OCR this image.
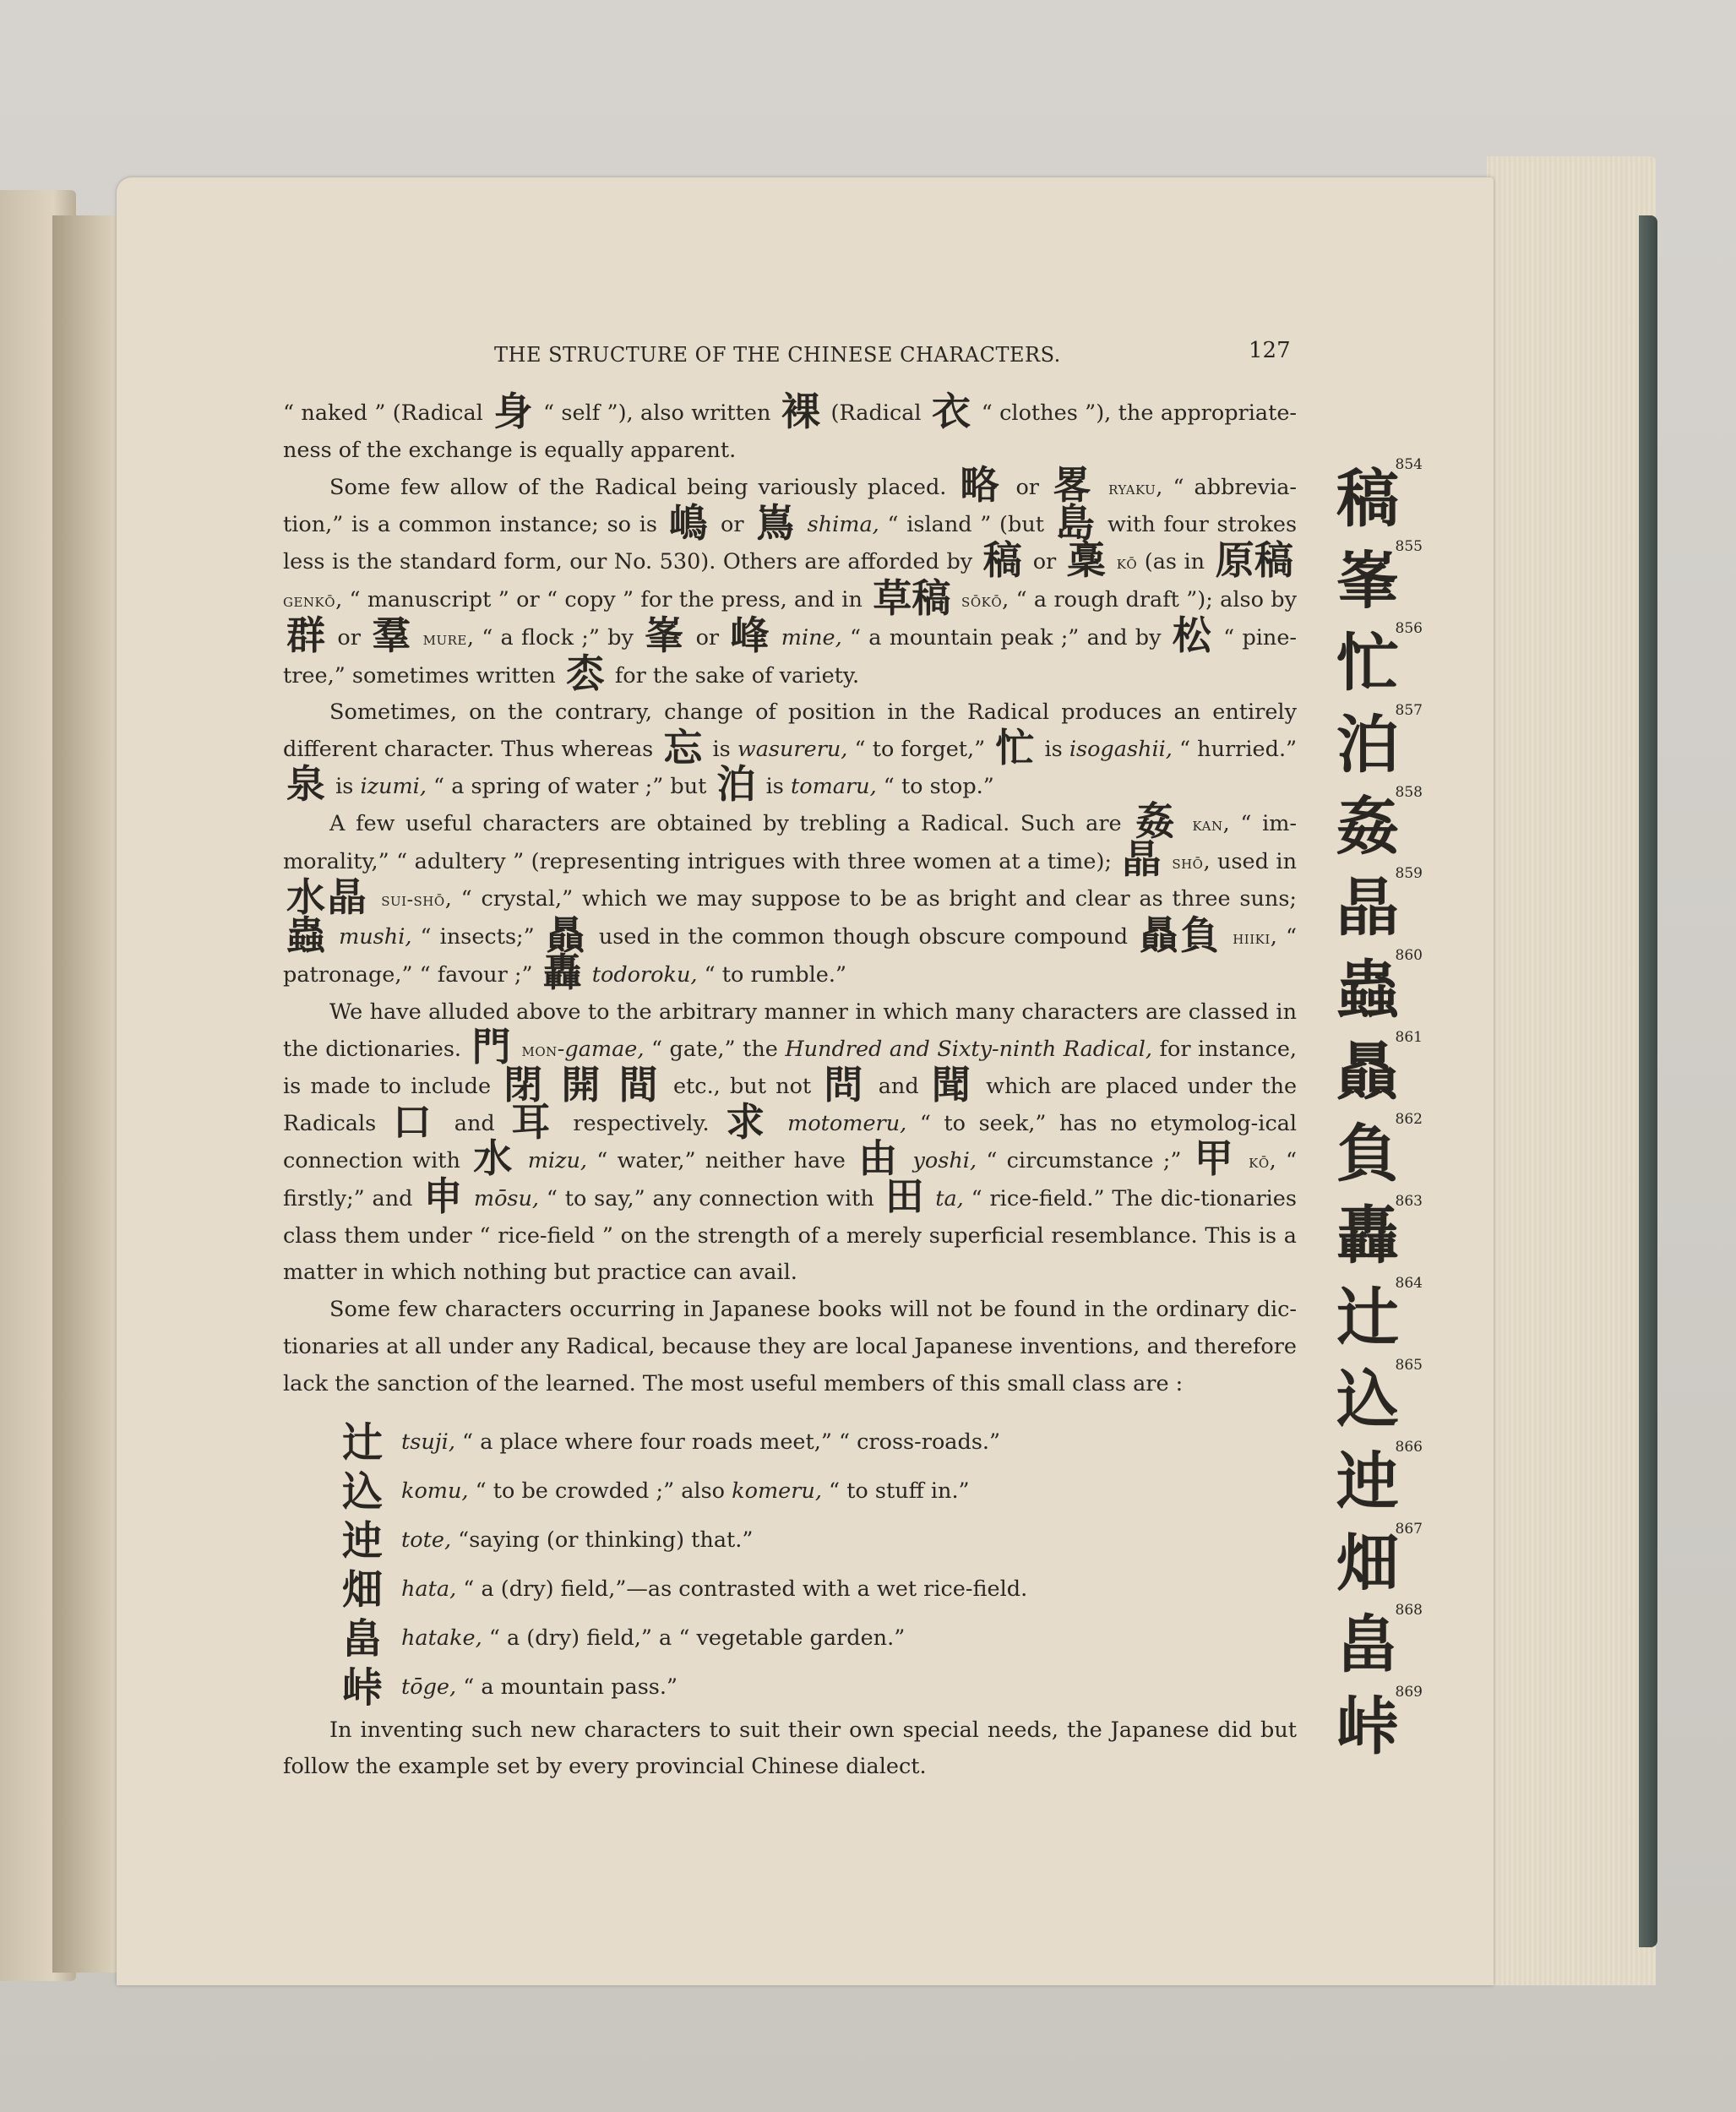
THE STRUCTURE OF THE CHINESE CHARACTERS.	127

“ naked ” (Radical 身 “ self ”), also written 裸 (Radical 衣 “ clothes ”), the appropriate-ness of the exchange is equally apparent.

Some few allow of the Radical being variously placed. 略 or 畧 ryaku, “ abbrevia-tion,” is a common instance; so is 嶋 or 嶌 shima, “ island ” (but 島 with four strokes less is the standard form, our No. 530). Others are afforded by 稿 or 稾 kō (as in 原稿 genkō, “ manuscript ” or “ copy ” for the press, and in 草稿 sōkō, “ a rough draft ”); also by 群 or 羣 mure, “ a flock ;” by 峯 or 峰 mine, “ a mountain peak ;” and by 松 “ pine-tree,” sometimes written 枩 for the sake of variety.

Sometimes, on the contrary, change of position in the Radical produces an entirely different character. Thus whereas 忘 is wasureru, “ to forget,” 忙 is isogashii, “ hurried.” 泉 is izumi, “ a spring of water ;” but 泊 is tomaru, “ to stop.”

A few useful characters are obtained by trebling a Radical. Such are 姦 kan, “ im-morality,” “ adultery ” (representing intrigues with three women at a time); 晶 shō, used in 水晶 sui-shō, “ crystal,” which we may suppose to be as bright and clear as three suns; 蟲 mushi, “ insects;” 贔 used in the common though obscure compound 贔負 hiiki, “ patronage,” “ favour ;” 轟 todoroku, “ to rumble.”

We have alluded above to the arbitrary manner in which many characters are classed in the dictionaries. 門 mon-gamae, “ gate,” the Hundred and Sixty-ninth Radical, for instance, is made to include 閉 開 間 etc., but not 問 and 聞 which are placed under the Radicals 口 and 耳 respectively. 求 motomeru, “ to seek,” has no etymolog-ical connection with 水 mizu, “ water,” neither have 由 yoshi, “ circumstance ;” 甲 kō, “ firstly;” and 申 mōsu, “ to say,” any connection with 田 ta, “ rice-field.” The dic-tionaries class them under “ rice-field ” on the strength of a merely superficial resemblance. This is a matter in which nothing but practice can avail.

Some few characters occurring in Japanese books will not be found in the ordinary dic-tionaries at all under any Radical, because they are local Japanese inventions, and therefore lack the sanction of the learned. The most useful members of this small class are :

辻 tsuji, “ a place where four roads meet,” “ cross-roads.”
込 komu, “ to be crowded ;” also komeru, “ to stuff in.”
迚 tote, “saying (or thinking) that.”
畑 hata, “ a (dry) field,”—as contrasted with a wet rice-field.
畠 hatake, “ a (dry) field,” a “ vegetable garden.”
峠 tōge, “ a mountain pass.”

In inventing such new characters to suit their own special needs, the Japanese did but follow the example set by every provincial Chinese dialect.

854
稿
855
峯
856
忙
857
泊
858
姦
859
晶
860
蟲
861
贔
862
負
863
轟
864
辻
865
込
866
迚
867
畑
868
畠
869
峠
